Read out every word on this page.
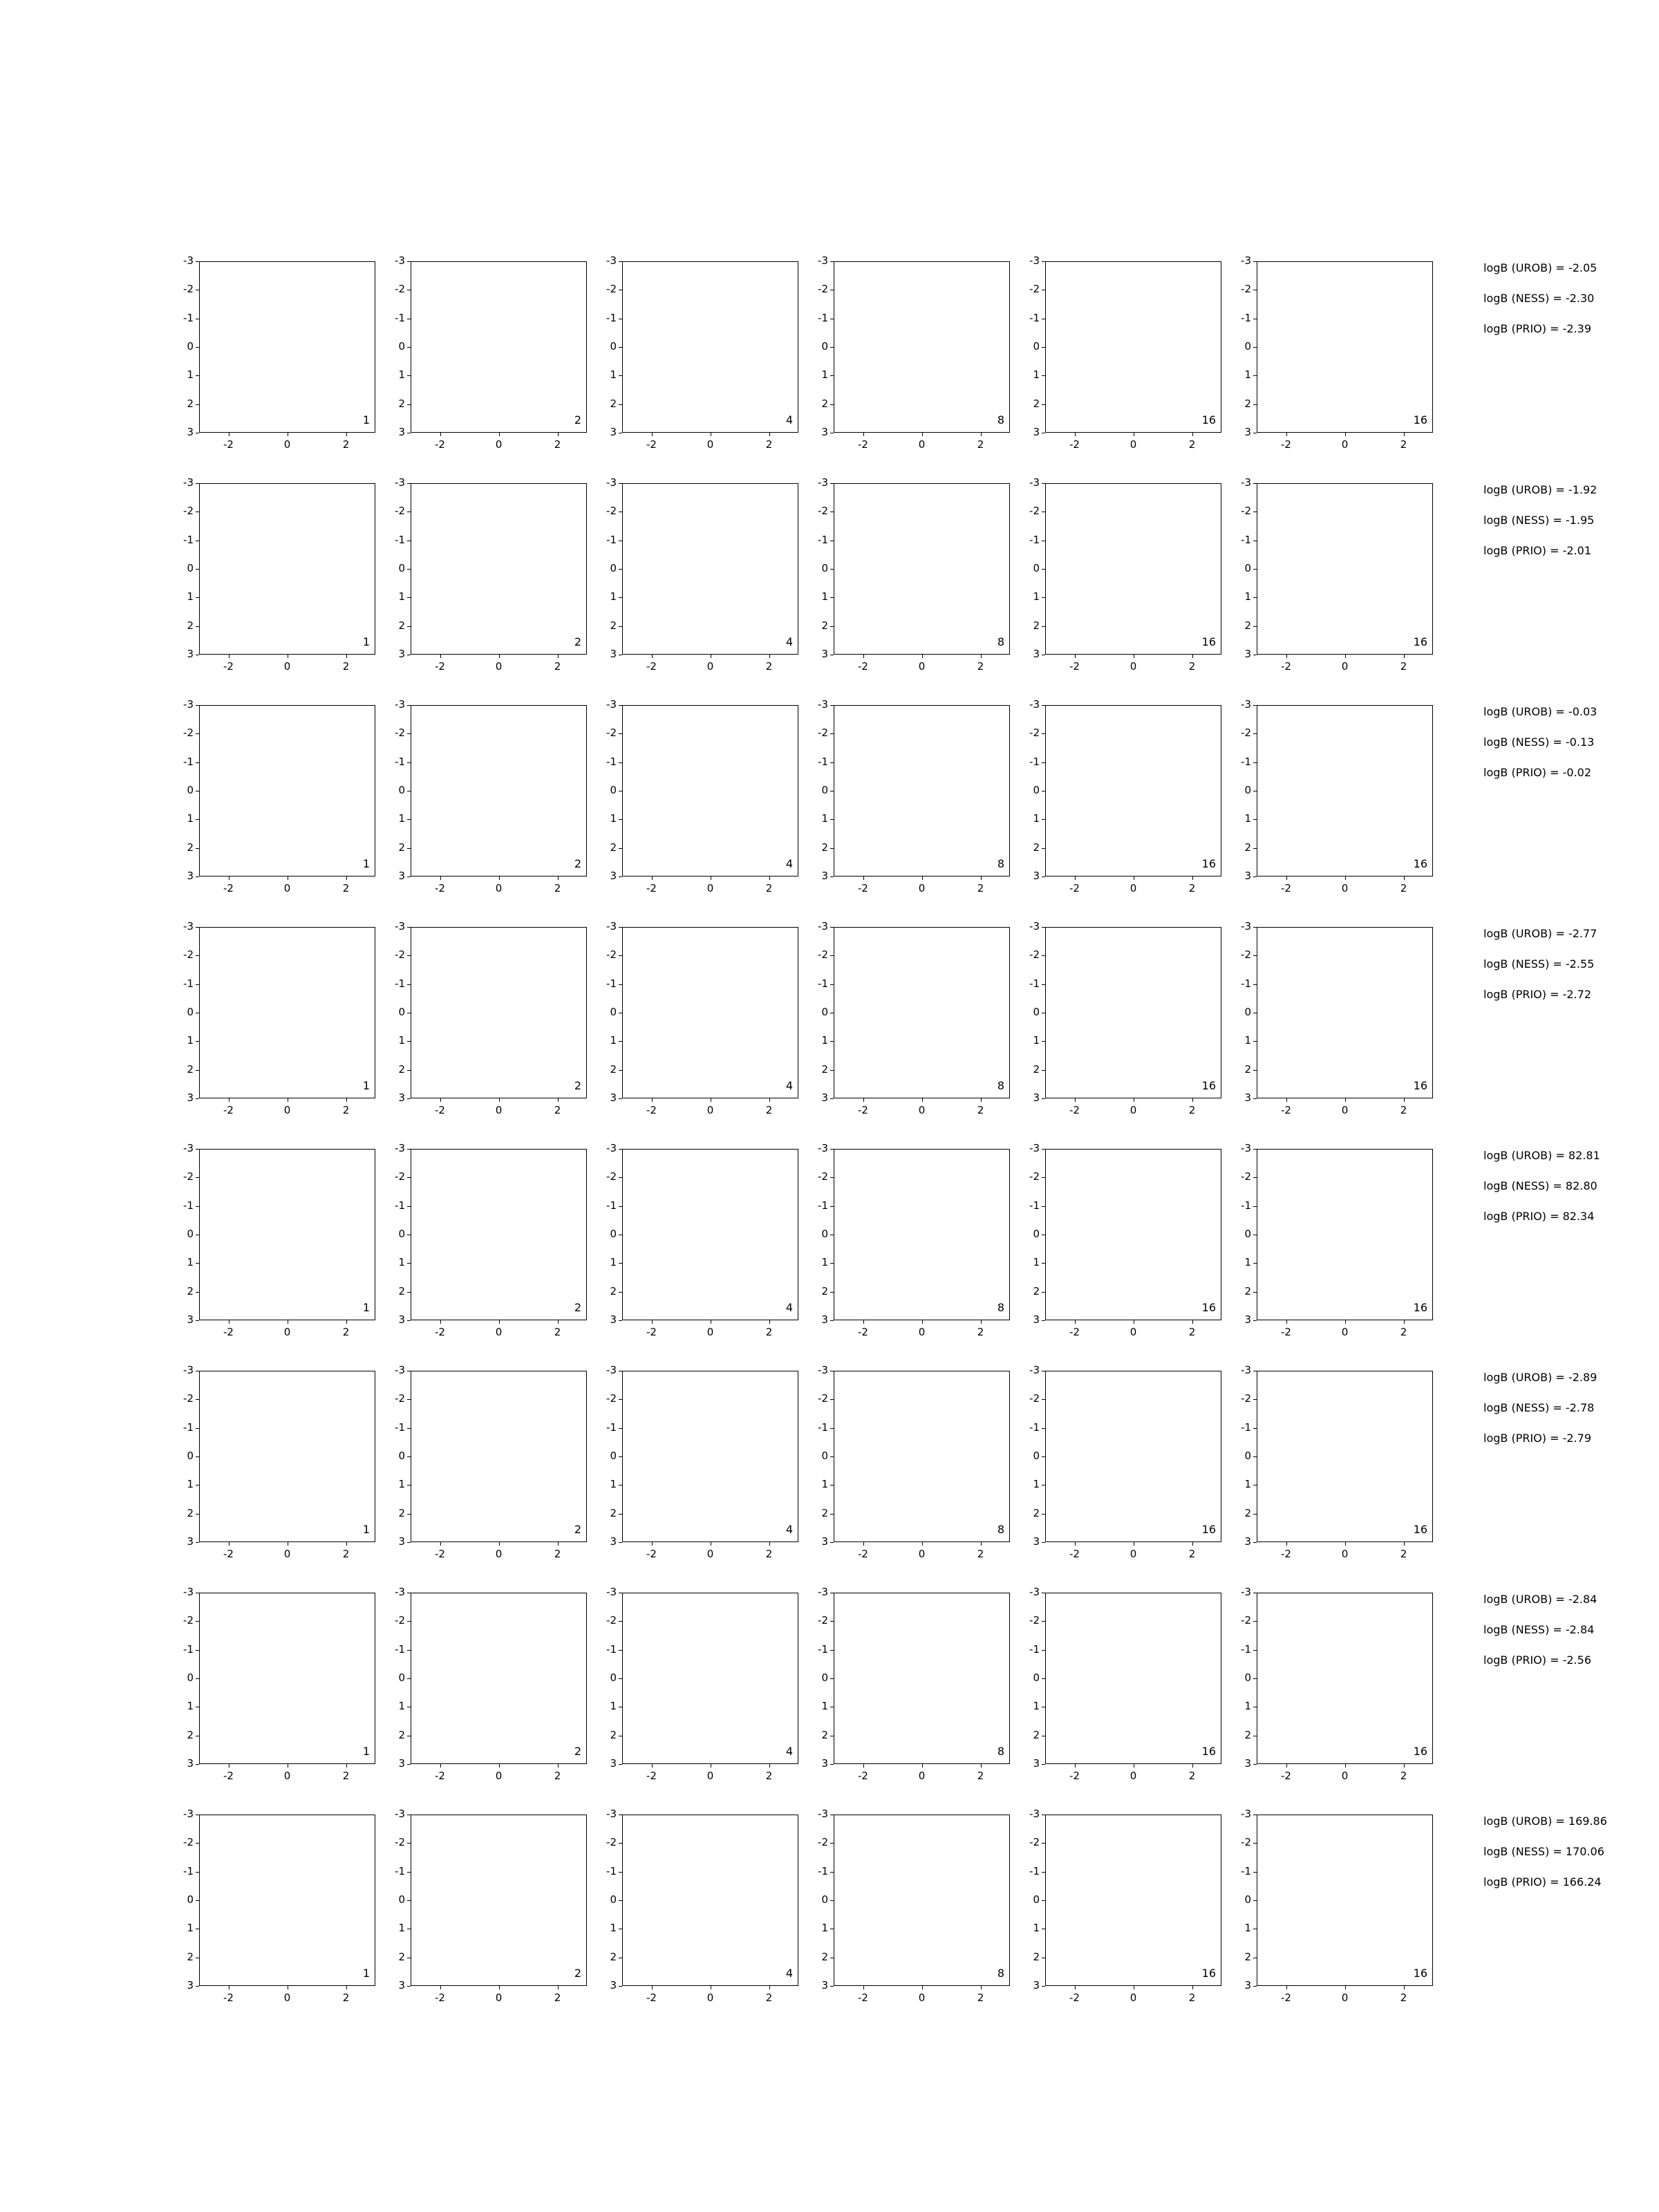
-2	0	2
3
2
1
0
-1
-2
-3
1
-2	0	2
3
2
1
0
-1
-2
-3
2
-2	0	2
3
2
1
0
-1
-2
-3
4
-2	0	2
3
2
1
0
-1
-2
-3
8
-2	0	2
3
2
1
0
-1
-2
-3
16
-2	0	2
3
2
1
0
-1
-2
-3
16
logB (UROB) = -2.05
logB (NESS) = -2.30
logB (PRIO) = -2.39
-2	0	2
3
2
1
0
-1
-2
-3
1
-2	0	2
3
2
1
0
-1
-2
-3
2
-2	0	2
3
2
1
0
-1
-2
-3
4
-2	0	2
3
2
1
0
-1
-2
-3
8
-2	0	2
3
2
1
0
-1
-2
-3
16
-2	0	2
3
2
1
0
-1
-2
-3
16
logB (UROB) = -1.92
logB (NESS) = -1.95
logB (PRIO) = -2.01
-2	0	2
3
2
1
0
-1
-2
-3
1
-2	0	2
3
2
1
0
-1
-2
-3
2
-2	0	2
3
2
1
0
-1
-2
-3
4
-2	0	2
3
2
1
0
-1
-2
-3
8
-2	0	2
3
2
1
0
-1
-2
-3
16
-2	0	2
3
2
1
0
-1
-2
-3
16
logB (UROB) = -0.03
logB (NESS) = -0.13
logB (PRIO) = -0.02
-2	0	2
3
2
1
0
-1
-2
-3
1
-2	0	2
3
2
1
0
-1
-2
-3
2
-2	0	2
3
2
1
0
-1
-2
-3
4
-2	0	2
3
2
1
0
-1
-2
-3
8
-2	0	2
3
2
1
0
-1
-2
-3
16
-2	0	2
3
2
1
0
-1
-2
-3
16
logB (UROB) = -2.77
logB (NESS) = -2.55
logB (PRIO) = -2.72
-2	0	2
3
2
1
0
-1
-2
-3
1
-2	0	2
3
2
1
0
-1
-2
-3
2
-2	0	2
3
2
1
0
-1
-2
-3
4
-2	0	2
3
2
1
0
-1
-2
-3
8
-2	0	2
3
2
1
0
-1
-2
-3
16
-2	0	2
3
2
1
0
-1
-2
-3
16
logB (UROB) = 82.81
logB (NESS) = 82.80
logB (PRIO) = 82.34
-2	0	2
3
2
1
0
-1
-2
-3
1
-2	0	2
3
2
1
0
-1
-2
-3
2
-2	0	2
3
2
1
0
-1
-2
-3
4
-2	0	2
3
2
1
0
-1
-2
-3
8
-2	0	2
3
2
1
0
-1
-2
-3
16
-2	0	2
3
2
1
0
-1
-2
-3
16
logB (UROB) = -2.89
logB (NESS) = -2.78
logB (PRIO) = -2.79
-2	0	2
3
2
1
0
-1
-2
-3
1
-2	0	2
3
2
1
0
-1
-2
-3
2
-2	0	2
3
2
1
0
-1
-2
-3
4
-2	0	2
3
2
1
0
-1
-2
-3
8
-2	0	2
3
2
1
0
-1
-2
-3
16
-2	0	2
3
2
1
0
-1
-2
-3
16
logB (UROB) = -2.84
logB (NESS) = -2.84
logB (PRIO) = -2.56
-2	0	2
3
2
1
0
-1
-2
-3
1
-2	0	2
3
2
1
0
-1
-2
-3
2
-2	0	2
3
2
1
0
-1
-2
-3
4
-2	0	2
3
2
1
0
-1
-2
-3
8
-2	0	2
3
2
1
0
-1
-2
-3
16
-2	0	2
3
2
1
0
-1
-2
-3
16
logB (UROB) = 169.86
logB (NESS) = 170.06
logB (PRIO) = 166.24
